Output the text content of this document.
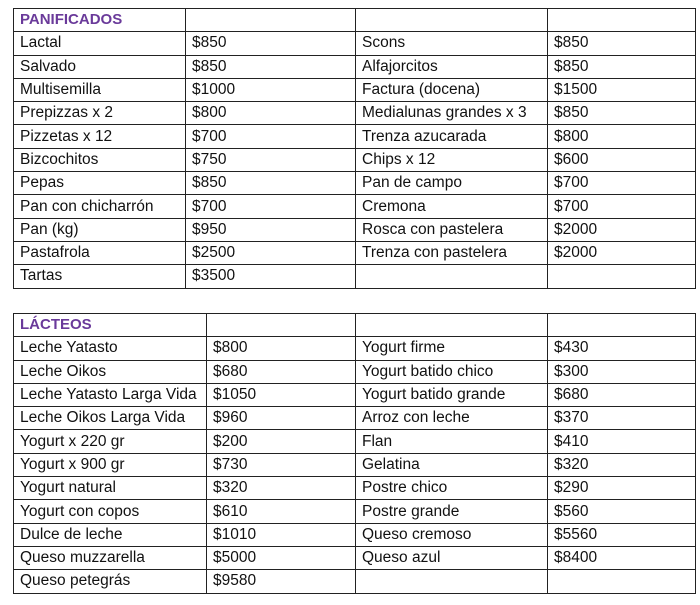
PANIFICADOS			
Lactal	$850	Scons	$850
Salvado	$850	Alfajorcitos	$850
Multisemilla	$1000	Factura (docena)	$1500
Prepizzas x 2	$800	Medialunas grandes x 3	$850
Pizzetas x 12	$700	Trenza azucarada	$800
Bizcochitos	$750	Chips x 12	$600
Pepas	$850	Pan de campo	$700
Pan con chicharrón	$700	Cremona	$700
Pan (kg)	$950	Rosca con pastelera	$2000
Pastafrola	$2500	Trenza con pastelera	$2000
Tartas	$3500		
LÁCTEOS			
Leche Yatasto	$800	Yogurt firme	$430
Leche Oikos	$680	Yogurt batido chico	$300
Leche Yatasto Larga Vida	$1050	Yogurt batido grande	$680
Leche Oikos Larga Vida	$960	Arroz con leche	$370
Yogurt x 220 gr	$200	Flan	$410
Yogurt x 900 gr	$730	Gelatina	$320
Yogurt natural	$320	Postre chico	$290
Yogurt con copos	$610	Postre grande	$560
Dulce de leche	$1010	Queso cremoso	$5560
Queso muzzarella	$5000	Queso azul	$8400
Queso petegrás	$9580		
